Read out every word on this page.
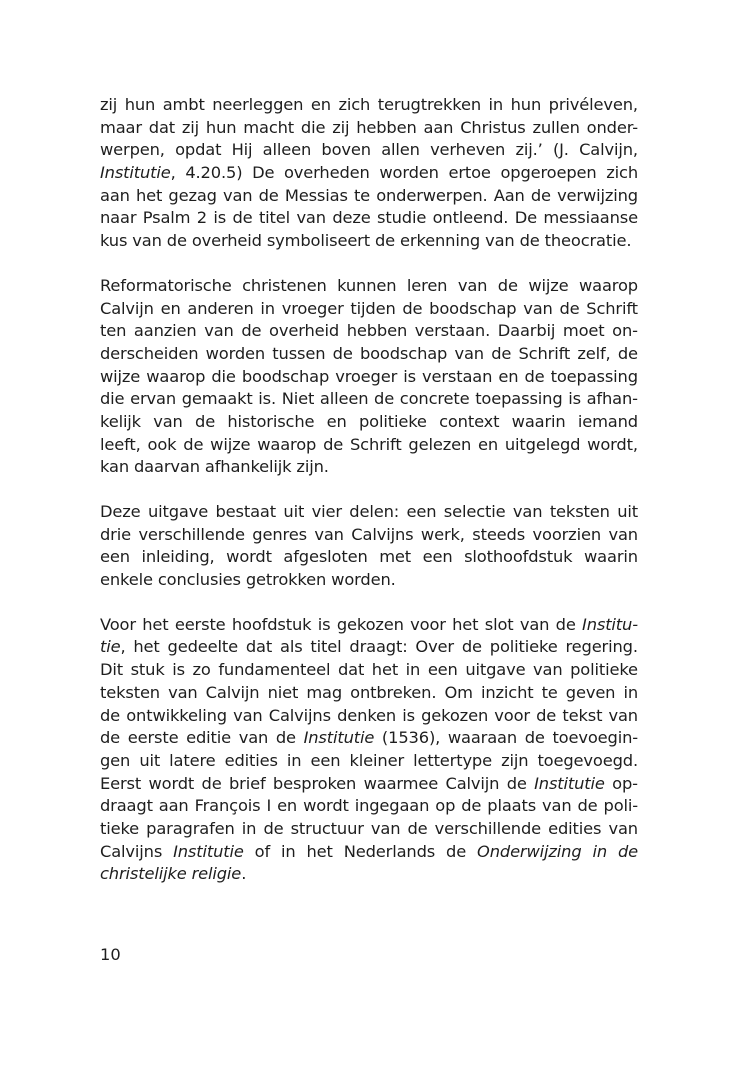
zij hun ambt neerleggen en zich terugtrekken in hun privéleven,
maar dat zij hun macht die zij hebben aan Christus zullen onder-
werpen, opdat Hij alleen boven allen verheven zij.’ (J. Calvijn,
Institutie, 4.20.5) De overheden worden ertoe opgeroepen zich
aan het gezag van de Messias te onderwerpen. Aan de verwijzing
naar Psalm 2 is de titel van deze studie ontleend. De messiaanse
kus van de overheid symboliseert de erkenning van de theocratie.
Reformatorische christenen kunnen leren van de wijze waarop
Calvijn en anderen in vroeger tijden de boodschap van de Schrift
ten aanzien van de overheid hebben verstaan. Daarbij moet on-
derscheiden worden tussen de boodschap van de Schrift zelf, de
wijze waarop die boodschap vroeger is verstaan en de toepassing
die ervan gemaakt is. Niet alleen de concrete toepassing is afhan-
kelijk van de historische en politieke context waarin iemand
leeft, ook de wijze waarop de Schrift gelezen en uitgelegd wordt,
kan daarvan afhankelijk zijn.
Deze uitgave bestaat uit vier delen: een selectie van teksten uit
drie verschillende genres van Calvijns werk, steeds voorzien van
een inleiding, wordt afgesloten met een slothoofdstuk waarin
enkele conclusies getrokken worden.
Voor het eerste hoofdstuk is gekozen voor het slot van de Institu-
tie, het gedeelte dat als titel draagt: Over de politieke regering.
Dit stuk is zo fundamenteel dat het in een uitgave van politieke
teksten van Calvijn niet mag ontbreken. Om inzicht te geven in
de ontwikkeling van Calvijns denken is gekozen voor de tekst van
de eerste editie van de Institutie (1536), waaraan de toevoegin-
gen uit latere edities in een kleiner lettertype zijn toegevoegd.
Eerst wordt de brief besproken waarmee Calvijn de Institutie op-
draagt aan François I en wordt ingegaan op de plaats van de poli-
tieke paragrafen in de structuur van de verschillende edities van
Calvijns Institutie of in het Nederlands de Onderwijzing in de
christelijke religie.
10
